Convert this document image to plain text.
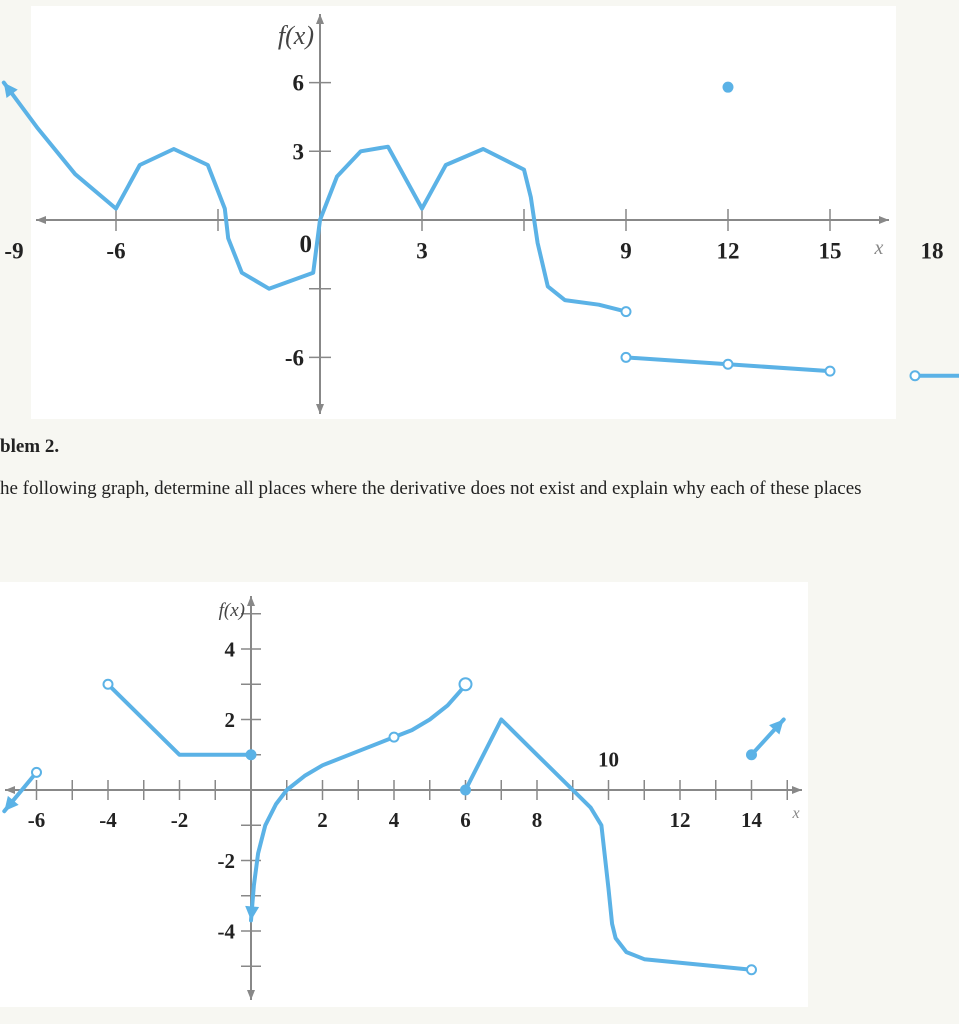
-9	-6	3	9	12	15	18
6
3
-6
0
f(x)
x
blem 2.

he following graph, determine all places where the derivative does not exist and explain why each of these places

-6	-4	-2	2	4	6	8	12 14
4
2
-2
-4
10
f(x)
x
